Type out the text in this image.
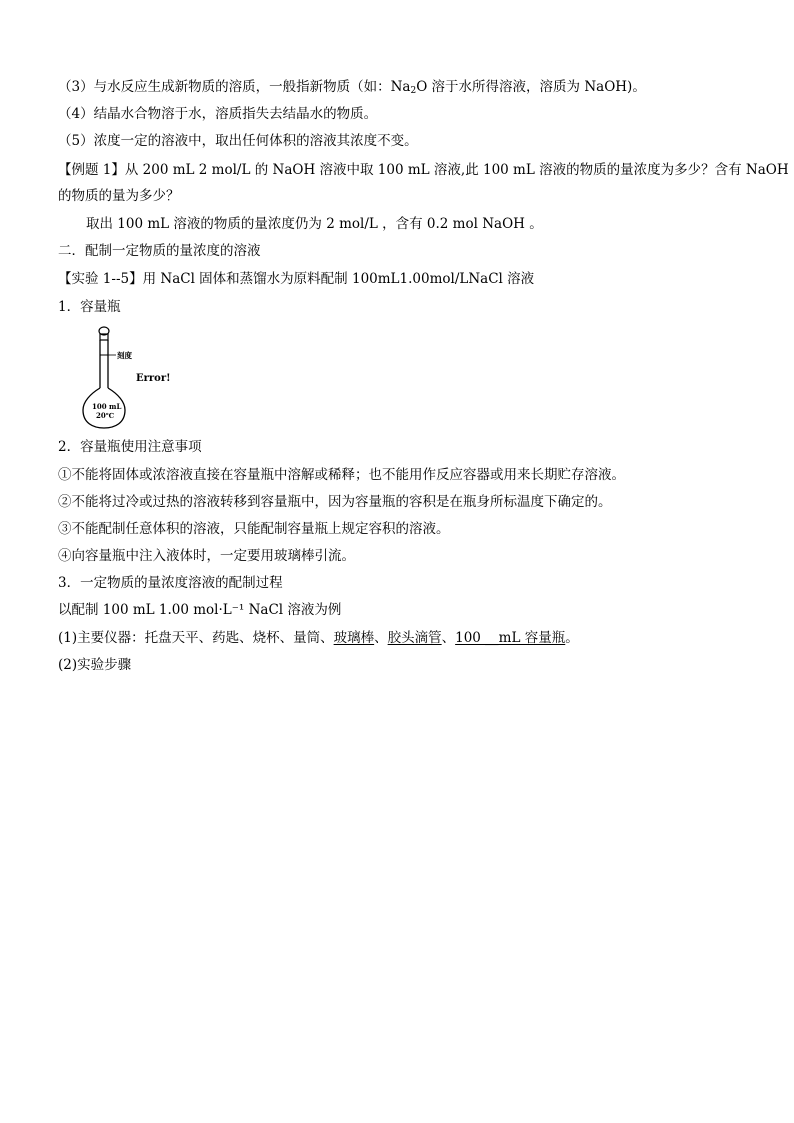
（3）与水反应生成新物质的溶质，一般指新物质（如：$Na_2O$ 溶于水所得溶液，溶质为 NaOH)。
（4）结晶水合物溶于水，溶质指失去结晶水的物质。
（5）浓度一定的溶液中，取出任何体积的溶液其浓度不变。
【例题 1】从 200 mL 2 mol/L 的 NaOH 溶液中取 100 mL 溶液,此 100 mL 溶液的物质的量浓度为多少？含有 NaOH
的物质的量为多少？
取出 100 mL 溶液的物质的量浓度仍为 2 mol/L ，含有 0.2 mol NaOH 。
二．配制一定物质的量浓度的溶液
【实验 1--5】用 NaCl 固体和蒸馏水为原料配制 100mL1.00mol/LNaCl 溶液
1．容量瓶
刻度
Error!
100 mL
20℃
2．容量瓶使用注意事项
①不能将固体或浓溶液直接在容量瓶中溶解或稀释；也不能用作反应容器或用来长期贮存溶液。
②不能将过冷或过热的溶液转移到容量瓶中，因为容量瓶的容积是在瓶身所标温度下确定的。
③不能配制任意体积的溶液，只能配制容量瓶上规定容积的溶液。
④向容量瓶中注入液体时，一定要用玻璃棒引流。
3．一定物质的量浓度溶液的配制过程
以配制 100 mL 1.00 mol·L⁻¹ NaCl 溶液为例
(1)主要仪器：托盘天平、药匙、烧杯、量筒、玻璃棒、胶头滴管、100 __mL 容量瓶。
(2)实验步骤
